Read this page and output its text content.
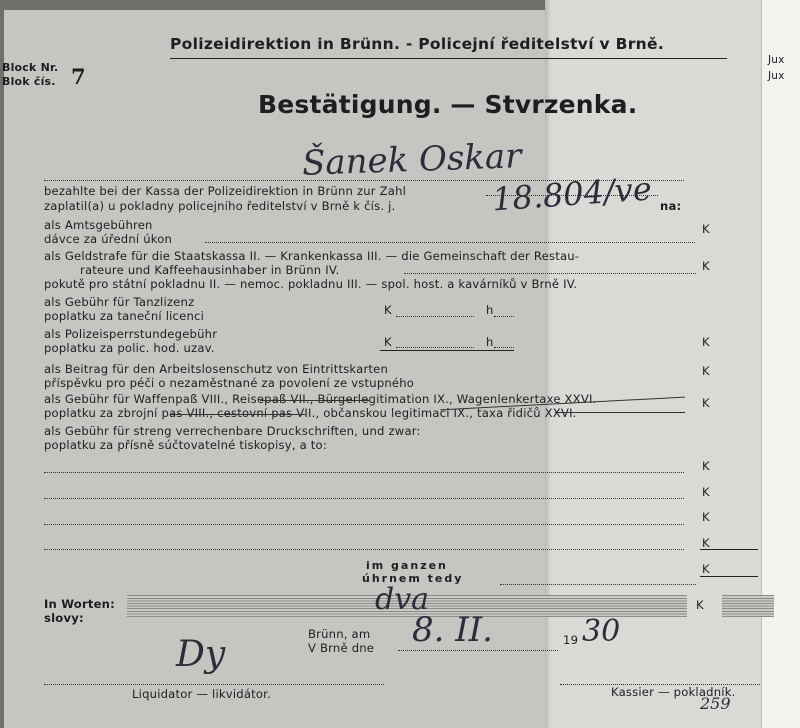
Jux
Jux
Polizeidirektion in Brünn. - Policejní ředitelství v Brně.
Block Nr.
Blok čís. 7
Bestätigung. — Stvrzenka.
Šanek Oskar
bezahlte bei der Kassa der Polizeidirektion in Brünn zur Zahl
zaplatil(a) u pokladny policejního ředitelství v Brně k čís. j.	18.804/ve na:
als Amtsgebühren
dávce za úřední úkon
K
als Geldstrafe für die Staatskassa II. — Krankenkassa III. — die Gemeinschaft der Restau-
rateure und Kaffeehausinhaber in Brünn IV.
pokutě pro státní pokladnu II. — nemoc. pokladnu III. — spol. host. a kavárníků v Brně IV.
K
als Gebühr für Tanzlizenz
poplatku za taneční licenci	K	h
als Polizeisperrstundegebühr
poplatku za polic. hod. uzav.	K	h	K
als Beitrag für den Arbeitslosenschutz von Eintrittskarten
příspěvku pro péči o nezaměstnané za povolení ze vstupného
K
als Gebühr für Waffenpaß VIII., Reisepaß VII., Bürgerlegitimation IX., Wagenlenkertaxe XXVI.
poplatku za zbrojní pas VIII., cestovní pas VII., občanskou legitimaci IX., taxa řidičů XXVI.
K
als Gebühr für streng verrechenbare Druckschriften, und zwar:
poplatku za přísně súčtovatelné tiskopisy, a to:
K
K
K
K
im ganzen
úhrnem tedy
K
In Worten:
slovy:
dva	K
Brünn, am
V Brně dne 8. II.	19 30
Dy
Liquidator — likvidátor.	Kassier — pokladník.
259
